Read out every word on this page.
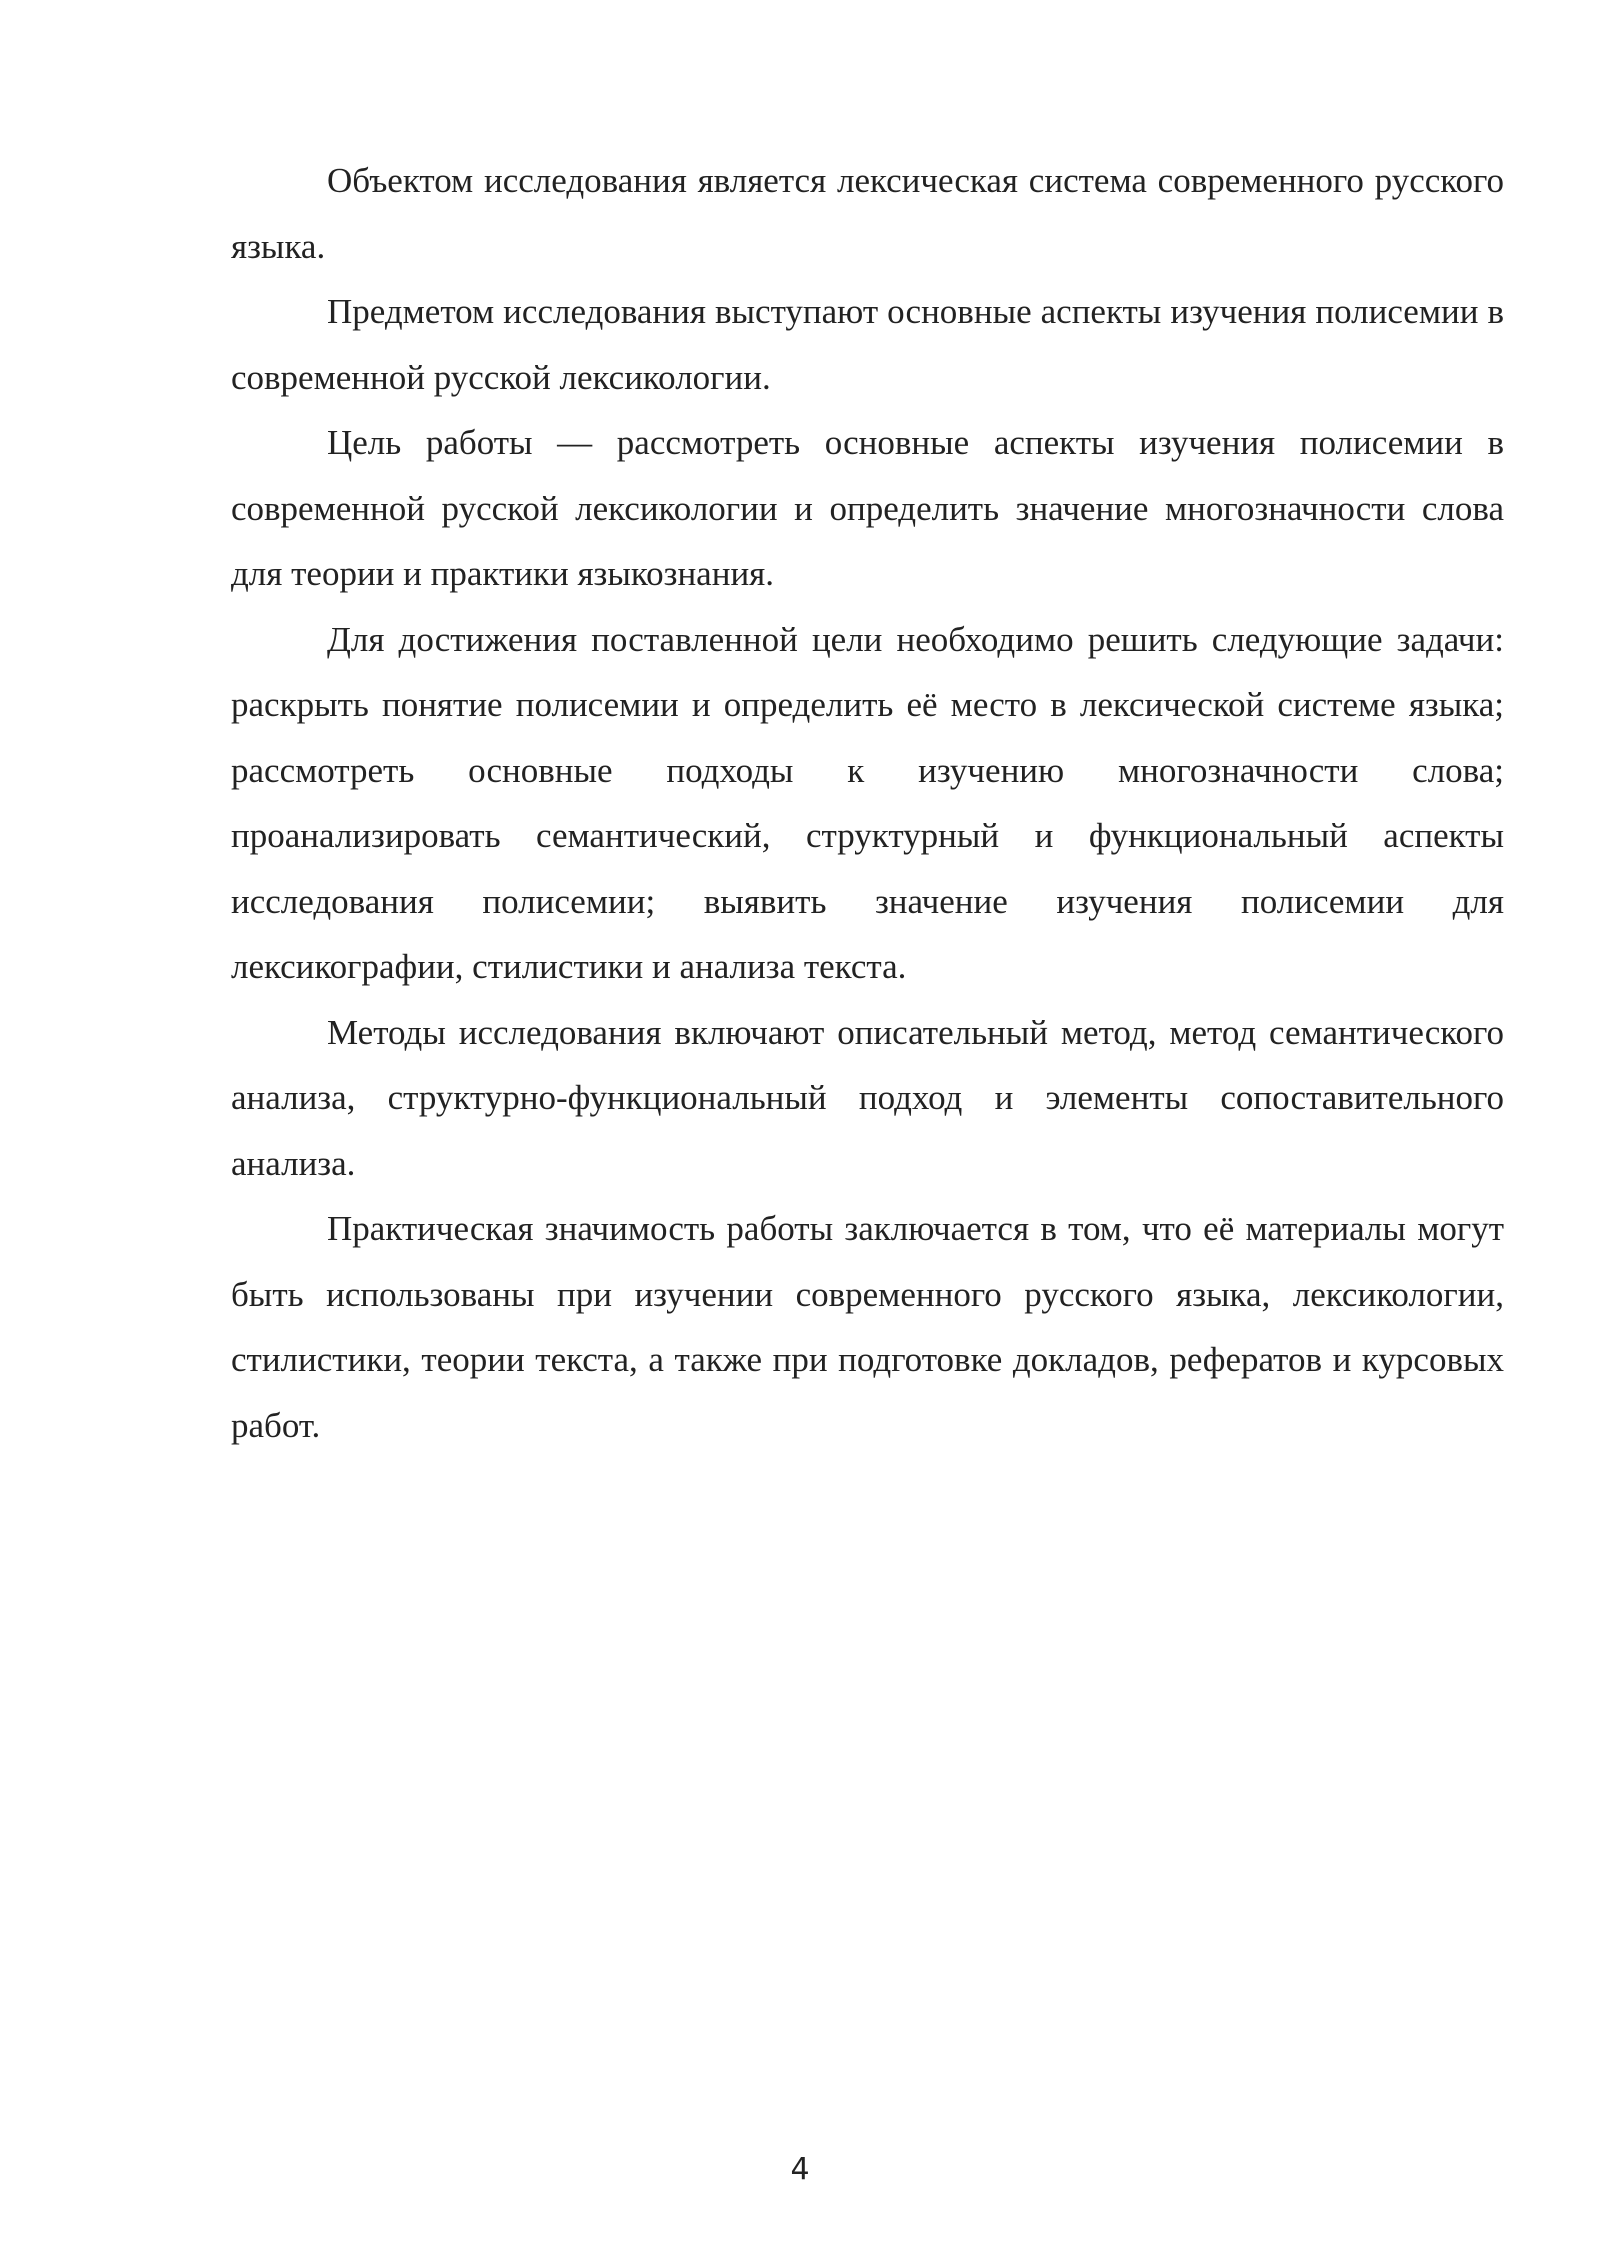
Объектом исследования является лексическая система современного русского языка.

Предметом исследования выступают основные аспекты изучения полисемии в современной русской лексикологии.

Цель работы — рассмотреть основные аспекты изучения полисемии в современной русской лексикологии и определить значение многозначности слова для теории и практики языкознания.

Для достижения поставленной цели необходимо решить следующие задачи: раскрыть понятие полисемии и определить её место в лексической системе языка; рассмотреть основные подходы к изучению многозначности слова; проанализировать семантический, структурный и функциональный аспекты исследования полисемии; выявить значение изучения полисемии для лексикографии, стилистики и анализа текста.

Методы исследования включают описательный метод, метод семантического анализа, структурно-функциональный подход и элементы сопоставительного анализа.

Практическая значимость работы заключается в том, что её материалы могут быть использованы при изучении современного русского языка, лексикологии, стилистики, теории текста, а также при подготовке докладов, рефератов и курсовых работ.

4
